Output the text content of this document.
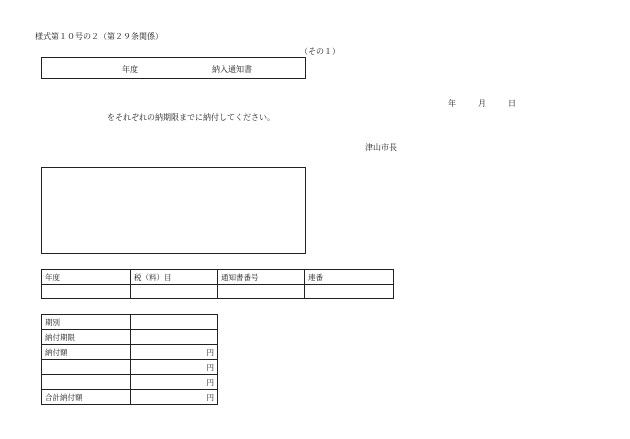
様式第１０号の２（第２９条関係）
（その１）
年度	納入通知書
年	月	日
をそれぞれの納期限までに納付してください。
津山市長
年度	税（料）目	通知書番号	連番

期別	
納付期限	
納付額	円
	円
	円
合計納付額	円
